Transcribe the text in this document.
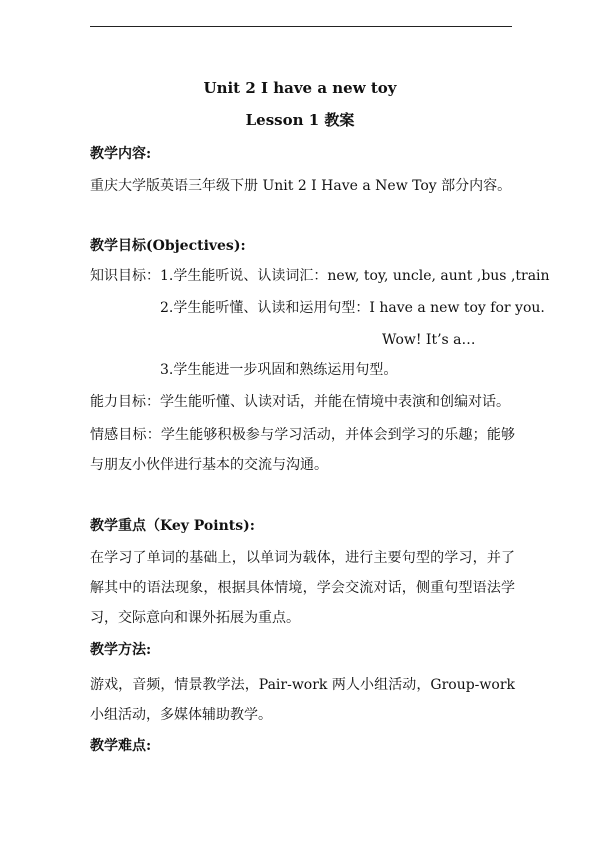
Unit 2 I have a new toy
Lesson 1 教案
教学内容:
重庆大学版英语三年级下册 Unit 2 I Have a New Toy 部分内容。
教学目标(Objectives):
知识目标：1.学生能听说、认读词汇：new, toy, uncle, aunt ,bus ,train
2.学生能听懂、认读和运用句型：I have a new toy for you.
Wow! It’s a…
3.学生能进一步巩固和熟练运用句型。
能力目标：学生能听懂、认读对话，并能在情境中表演和创编对话。
情感目标：学生能够积极参与学习活动，并体会到学习的乐趣；能够与朋友小伙伴进行基本的交流与沟通。
教学重点（Key Points):
在学习了单词的基础上，以单词为载体，进行主要句型的学习，并了解其中的语法现象，根据具体情境，学会交流对话，侧重句型语法学习，交际意向和课外拓展为重点。
教学方法:
游戏，音频，情景教学法，Pair-work 两人小组活动，Group-work 小组活动，多媒体辅助教学。
教学难点:
